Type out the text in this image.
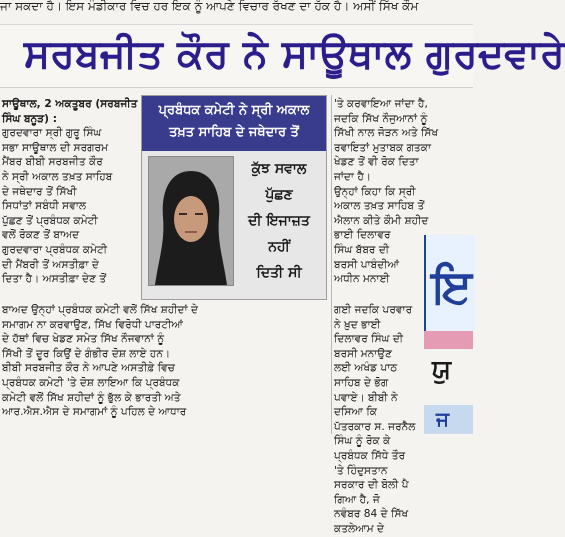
ਜਾ ਸਕਦਾ ਹੈ। ਇਸ ਮੰਡੀਕਾਰ ਵਿਚ ਹਰ ਇਕ ਨੂੰ ਆਪਣੇ ਵਿਚਾਰ ਰੱਖਣ ਦਾ ਹੱਕ ਹੈ। ਅਸੀਂ ਸਿੱਖ ਕੌਮ
ਸਰਬਜੀਤ ਕੌਰ ਨੇ ਸਾਊਥਾਲ ਗੁਰਦਵਾਰੇ

ਸਾਊਥਾਲ, 2 ਅਕਤੂਬਰ (ਸਰਬਜੀਤ ਸਿੰਘ ਬਨੂੜ) :

ਗੁਰਦਵਾਰਾ ਸ੍ਰੀ ਗੁਰੂ ਸਿੰਘ

ਸਭਾ ਸਾਊਥਾਲ ਦੀ ਸਰਗਰਮ

ਮੈਂਬਰ ਬੀਬੀ ਸਰਬਜੀਤ ਕੌਰ

ਨੇ ਸ੍ਰੀ ਅਕਾਲ ਤਖ਼ਤ ਸਾਹਿਬ

ਦੇ ਜਥੇਦਾਰ ਤੋਂ ਸਿੱਖੀ

ਸਿਧਾਂਤਾਂ ਸਬੰਧੀ ਸਵਾਲ

ਪੁੱਛਣ ਤੋਂ ਪ੍ਰਬੰਧਕ ਕਮੇਟੀ

ਵਲੋਂ ਰੋਕਣ ਤੋਂ ਬਾਅਦ

ਗੁਰਦਵਾਰਾ ਪ੍ਰਬੰਧਕ ਕਮੇਟੀ

ਦੀ ਮੈਂਬਰੀ ਤੋਂ ਅਸਤੀਫ਼ਾ ਦੇ

ਦਿਤਾ ਹੈ। ਅਸਤੀਫ਼ਾ ਦੇਣ ਤੋਂ

ਪ੍ਰਬੰਧਕ ਕਮੇਟੀ ਨੇ ਸ੍ਰੀ ਅਕਾਲ
ਤਖ਼ਤ ਸਾਹਿਬ ਦੇ ਜਥੇਦਾਰ ਤੋਂ
ਕੁੱਝ ਸਵਾਲ
ਪੁੱਛਣ
ਦੀ ਇਜਾਜ਼ਤ
ਨਹੀਂ
ਦਿਤੀ ਸੀ

ਬਾਅਦ ਉਨ੍ਹਾਂ ਪ੍ਰਬੰਧਕ ਕਮੇਟੀ ਵਲੋਂ ਸਿੱਖ ਸ਼ਹੀਦਾਂ ਦੇ

ਸਮਾਗਮ ਨਾ ਕਰਵਾਉਣ, ਸਿੱਖ ਵਿਰੋਧੀ ਪਾਰਟੀਆਂ

ਦੇ ਹੱਥਾਂ ਵਿਚ ਖੇਡਣ ਸਮੇਤ ਸਿੱਖ ਨੌਜਵਾਨਾਂ ਨੂੰ

ਸਿੱਖੀ ਤੋਂ ਦੂਰ ਕਿਉਂ ਦੇ ਗੰਭੀਰ ਦੋਸ਼ ਲਾਏ ਹਨ।

ਬੀਬੀ ਸਰਬਜੀਤ ਕੌਰ ਨੇ ਆਪਣੇ ਅਸਤੀਫ਼ੇ ਵਿਚ

ਪ੍ਰਬੰਧਕ ਕਮੇਟੀ 'ਤੇ ਦੋਸ਼ ਲਾਇਆ ਕਿ ਪ੍ਰਬੰਧਕ

ਕਮੇਟੀ ਵਲੋਂ ਸਿੱਖ ਸ਼ਹੀਦਾਂ ਨੂੰ ਭੁੱਲ ਕੇ ਭਾਰਤੀ ਅਤੇ

ਆਰ.ਐਸ.ਐਸ ਦੇ ਸਮਾਗਮਾਂ ਨੂੰ ਪਹਿਲ ਦੇ ਆਧਾਰ

'ਤੇ ਕਰਵਾਇਆ ਜਾਂਦਾ ਹੈ,

ਜਦਕਿ ਸਿੱਖ ਨੌਜੁਆਨਾਂ ਨੂੰ

ਸਿੱਖੀ ਨਾਲ ਜੋੜਨ ਅਤੇ ਸਿੱਖ

ਰਵਾਇਤਾਂ ਮੁਤਾਬਕ ਗਤਕਾ

ਖੇਡਣ ਤੋਂ ਵੀ ਰੋਕ ਦਿਤਾ

ਜਾਂਦਾ ਹੈ।

ਉਨ੍ਹਾਂ ਕਿਹਾ ਕਿ ਸ੍ਰੀ

ਅਕਾਲ ਤਖ਼ਤ ਸਾਹਿਬ ਤੋਂ

ਐਲਾਨ ਕੀਤੇ ਕੌਮੀ ਸ਼ਹੀਦ

ਭਾਈ ਦਿਲਾਵਰ

ਸਿੰਘ ਬੱਬਰ ਦੀ

ਬਰਸੀ ਪਾਬੰਦੀਆਂ

ਅਧੀਨ ਮਨਾਈ

ਗਈ ਜਦਕਿ ਪਰਵਾਰ ਨੇ ਖ਼ੁਦ ਭਾਈ

ਦਿਲਾਵਰ ਸਿੰਘ ਦੀ ਬਰਸੀ ਮਨਾਉਣ

ਲਈ ਅਖੰਡ ਪਾਠ ਸਾਹਿਬ ਦੇ ਭੋਗ

ਪਵਾਏ। ਬੀਬੀ ਨੇ ਦਸਿਆ ਕਿ

ਪੱਤਰਕਾਰ ਸ. ਜਰਨੈਲ ਸਿੰਘ ਨੂੰ ਰੋਕ ਕੇ

ਪ੍ਰਬੰਧਕ ਸਿੱਧੇ ਤੌਰ 'ਤੇ ਹਿੰਦੁਸਤਾਨ

ਸਰਕਾਰ ਦੀ ਬੋਲੀ ਪੈ ਗਿਆ ਹੈ, ਜੋ

ਨਵੰਬਰ 84 ਦੇ ਸਿੱਖ ਕਤਲੇਆਮ ਦੇ

ਇ
ਯੁ
ਜ
